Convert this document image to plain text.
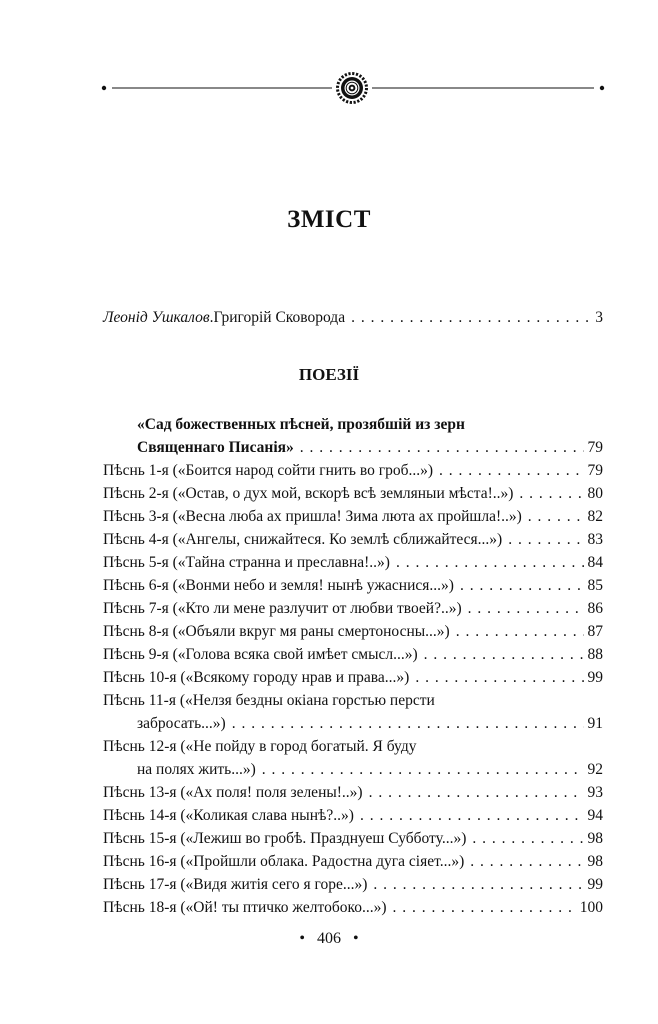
ЗМІСТ
Леонід Ушкалов . Григорій Сковорода . . .	3
ПОЕЗІЇ
«Сад божественных пѣсней, прозябшій из зерн
Священнаго Писанія» . . .	79
Пѣснь 1-я («Боится народ сойти гнить во гроб...») . . .	79
Пѣснь 2-я («Остав, о дух мой, вскорѣ всѣ земляныи мѣста!..») . . .	80
Пѣснь 3-я («Весна люба ах пришла! Зима люта ах пройшла!..») . . .	82
Пѣснь 4-я («Ангелы, снижайтеся. Ко землѣ сближайтеся...») . . .	83
Пѣснь 5-я («Тайна странна и преславна!..») . . .	84
Пѣснь 6-я («Вонми небо и земля! нынѣ ужаснися...») . . .	85
Пѣснь 7-я («Кто ли мене разлучит от любви твоей?..») . . .	86
Пѣснь 8-я («Объяли вкруг мя раны смертоносны...») . . .	87
Пѣснь 9-я («Голова всяка свой имѣет смысл...») . . .	88
Пѣснь 10-я («Всякому городу нрав и права...») . . .	99
Пѣснь 11-я («Нелзя бездны окіана горстью персти
забросать...») . . .	91
Пѣснь 12-я («Не пойду в город богатый. Я буду
на полях жить...») . . .	92
Пѣснь 13-я («Ах поля! поля зелены!..») . . .	93
Пѣснь 14-я («Коликая слава нынѣ?..») . . .	94
Пѣснь 15-я («Лежиш во гробѣ. Празднуеш Субботу...») . . .	98
Пѣснь 16-я («Пройшли облака. Радостна дуга сіяет...») . . .	98
Пѣснь 17-я («Видя житія сего я горе...») . . .	99
Пѣснь 18-я («Ой! ты птичко желтобоко...») . . .	100
• 406 •
